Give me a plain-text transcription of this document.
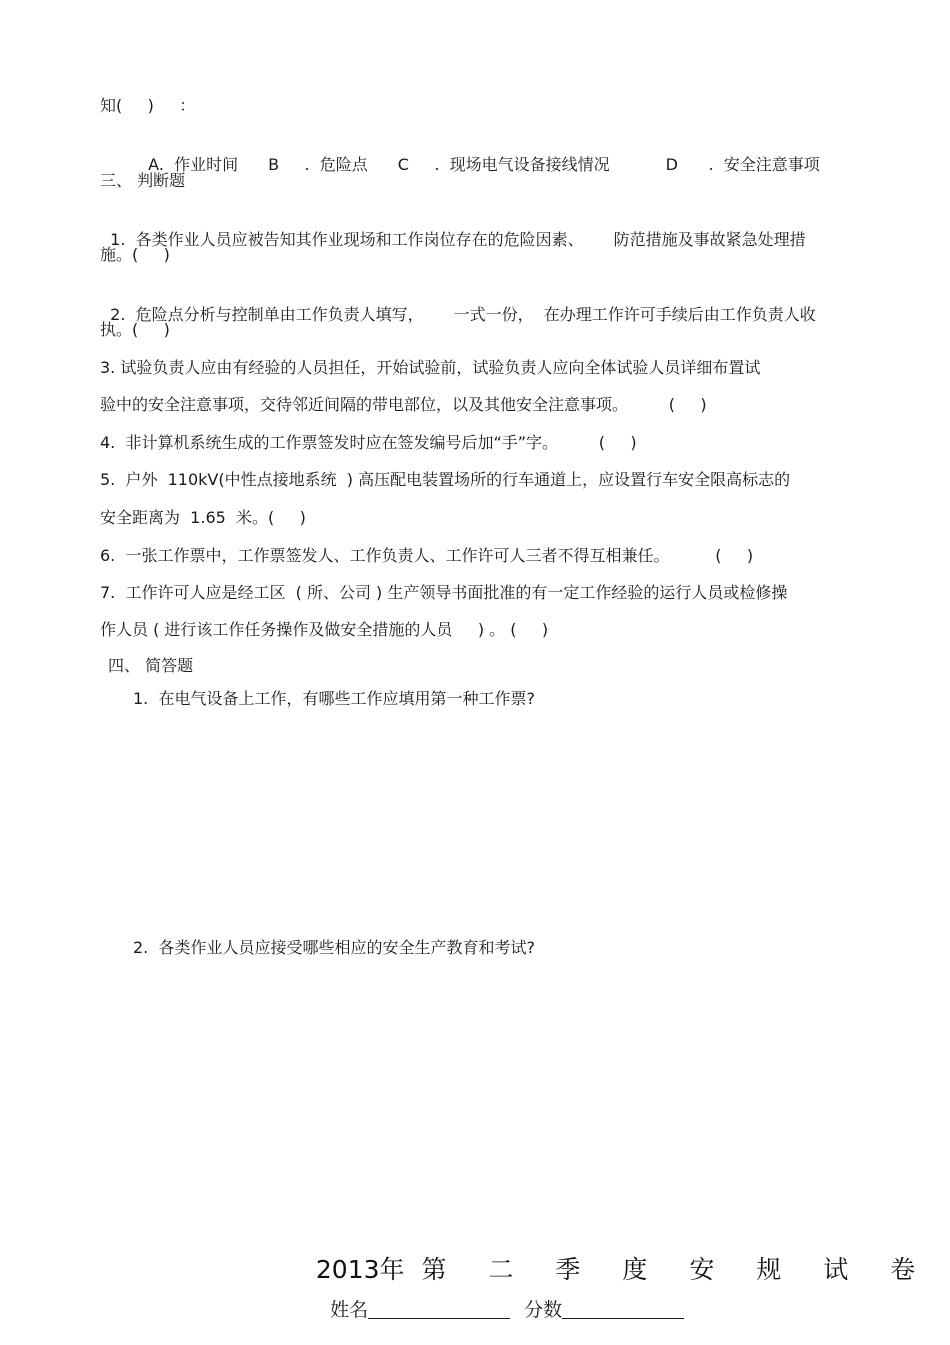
知(     )     ：

A.  作业时间 B     .  危险点 C     .  现场电气设备接线情况	D      .  安全注意事项

三、 判断题

1.  各类作业人员应被告知其作业现场和工作岗位存在的危险因素、 防范措施及事故紧急处理措

施。(     )

2.  危险点分析与控制单由工作负责人填写， 一式一份，  在办理工作许可手续后由工作负责人收

执。(     )
3. 试验负责人应由有经验的人员担任，开始试验前，试验负责人应向全体试验人员详细布置试
验中的安全注意事项，交待邻近间隔的带电部位，以及其他安全注意事项。        (     )
4.  非计算机系统生成的工作票签发时应在签发编号后加“手”字。        (     )
5.  户外  110kV(中性点接地系统  ) 高压配电装置场所的行车通道上，应设置行车安全限高标志的
安全距离为  1.65  米。(     )
6.  一张工作票中，工作票签发人、工作负责人、工作许可人三者不得互相兼任。         (     )
7.  工作许可人应是经工区  ( 所、公司 ) 生产领导书面批准的有一定工作经验的运行人员或检修操
作人员 ( 进行该工作任务操作及做安全措施的人员     ) 。 (     )
四、 简答题
1.  在电气设备上工作，有哪些工作应填用第一种工作票?
2.  各类作业人员应接受哪些相应的安全生产教育和考试?

2013年第 二 季 度 安 规 试 卷

姓名	分数
